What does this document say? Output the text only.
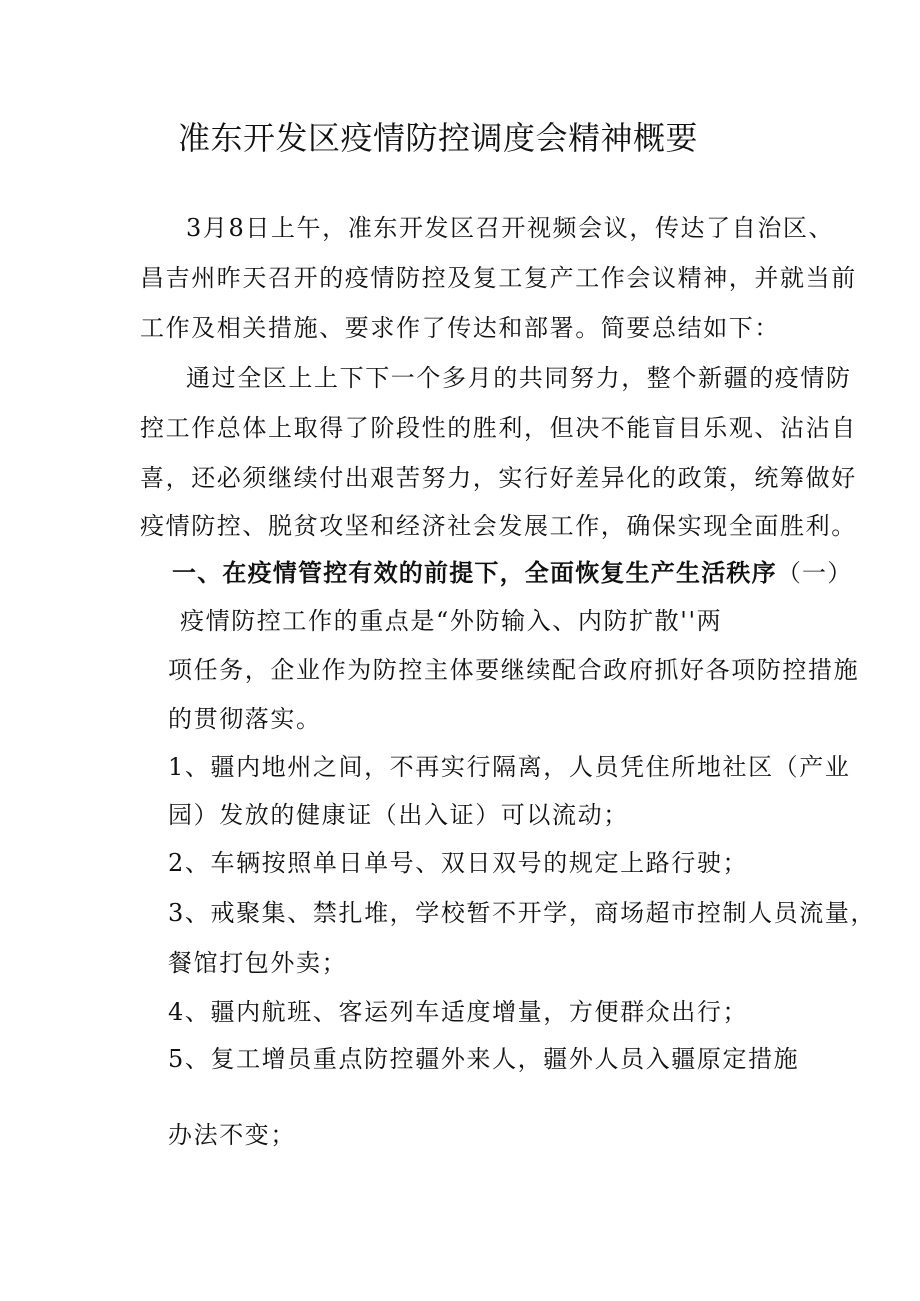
准东开发区疫情防控调度会精神概要
3月8日上午，准东开发区召开视频会议，传达了自治区、
昌吉州昨天召开的疫情防控及复工复产工作会议精神，并就当前
工作及相关措施、要求作了传达和部署。简要总结如下：
通过全区上上下下一个多月的共同努力，整个新疆的疫情防
控工作总体上取得了阶段性的胜利，但决不能盲目乐观、沾沾自
喜，还必须继续付出艰苦努力，实行好差异化的政策，统筹做好
疫情防控、脱贫攻坚和经济社会发展工作，确保实现全面胜利。
一、在疫情管控有效的前提下，全面恢复生产生活秩序（一）
疫情防控工作的重点是“外防输入、内防扩散''两
项任务，企业作为防控主体要继续配合政府抓好各项防控措施
的贯彻落实。
1、疆内地州之间，不再实行隔离，人员凭住所地社区（产业
园）发放的健康证（出入证）可以流动；
2、车辆按照单日单号、双日双号的规定上路行驶；
3、戒聚集、禁扎堆，学校暂不开学，商场超市控制人员流量，
餐馆打包外卖；
4、疆内航班、客运列车适度增量，方便群众出行；
5、复工增员重点防控疆外来人，疆外人员入疆原定措施
办法不变；
